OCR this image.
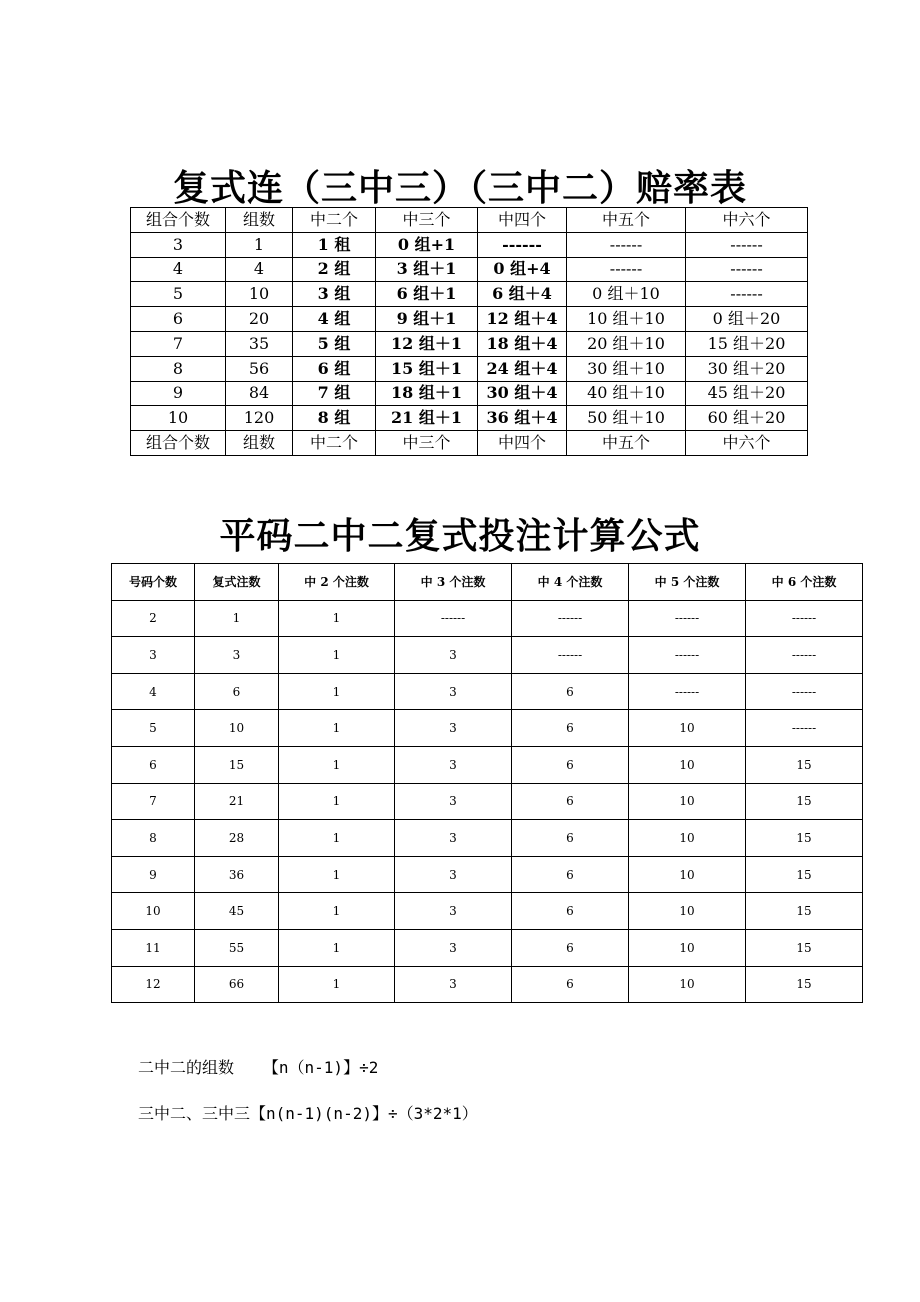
复式连（三中三）（三中二）赔率表
组合个数	组数	中二个	中三个	中四个	中五个	中六个
3	1	1 租	0 组+1	------	------	------
4	4	2 组	3 组＋1	0 组+4	------	------
5	10	3 组	6 组＋1	6 组＋4	0 组＋10	------
6	20	4 组	9 组＋1	12 组＋4	10 组＋10	0 组＋20
7	35	5 组	12 组＋1	18 组＋4	20 组＋10	15 组＋20
8	56	6 组	15 组＋1	24 组＋4	30 组＋10	30 组＋20
9	84	7 组	18 组＋1	30 组＋4	40 组＋10	45 组＋20
10	120	8 组	21 组＋1	36 组＋4	50 组＋10	60 组＋20
组合个数	组数	中二个	中三个	中四个	中五个	中六个
平码二中二复式投注计算公式
号码个数	复式注数	中 2 个注数	中 3 个注数	中 4 个注数	中 5 个注数	中 6 个注数
2	1	1	------	------	------	------
3	3	1	3	------	------	------
4	6	1	3	6	------	------
5	10	1	3	6	10	------
6	15	1	3	6	10	15
7	21	1	3	6	10	15
8	28	1	3	6	10	15
9	36	1	3	6	10	15
10	45	1	3	6	10	15
11	55	1	3	6	10	15
12	66	1	3	6	10	15
二中二的组数   【n（n-1)】÷2
三中二、三中三【n(n-1)(n-2)】÷（3*2*1）
